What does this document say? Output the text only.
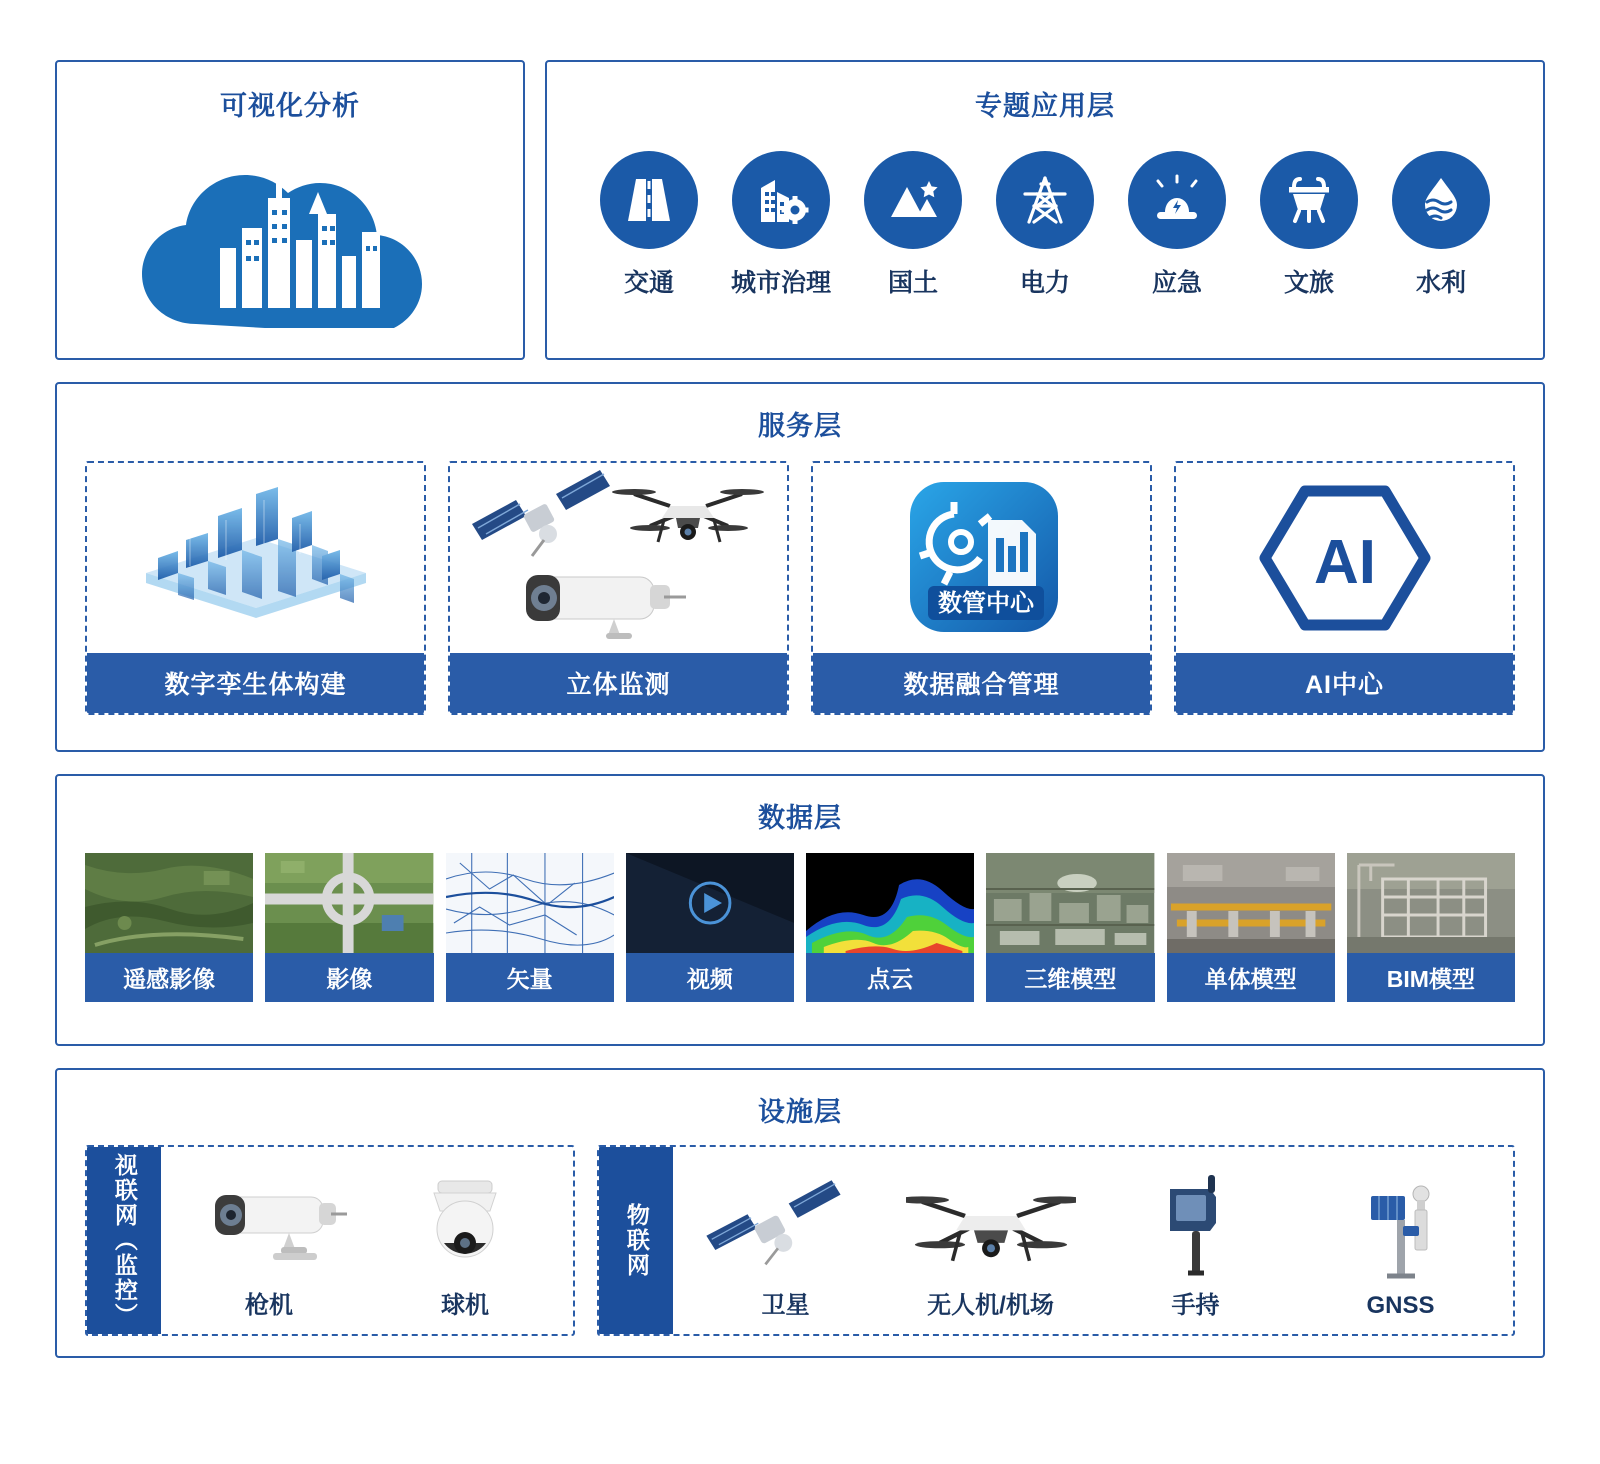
可视化分析	专题应用层
交通	城市治理	国土	电力	应急	文旅	水利
服务层
数字孪生体构建	立体监测
数管中心
数据融合管理
AI
AI中心
数据层
遥感影像	影像	矢量	视频	点云	三维模型	单体模型	BIM模型
设施层
视联网（监控）	枪机	球机
物联网
卫星	无人机/机场	手持	GNSS
